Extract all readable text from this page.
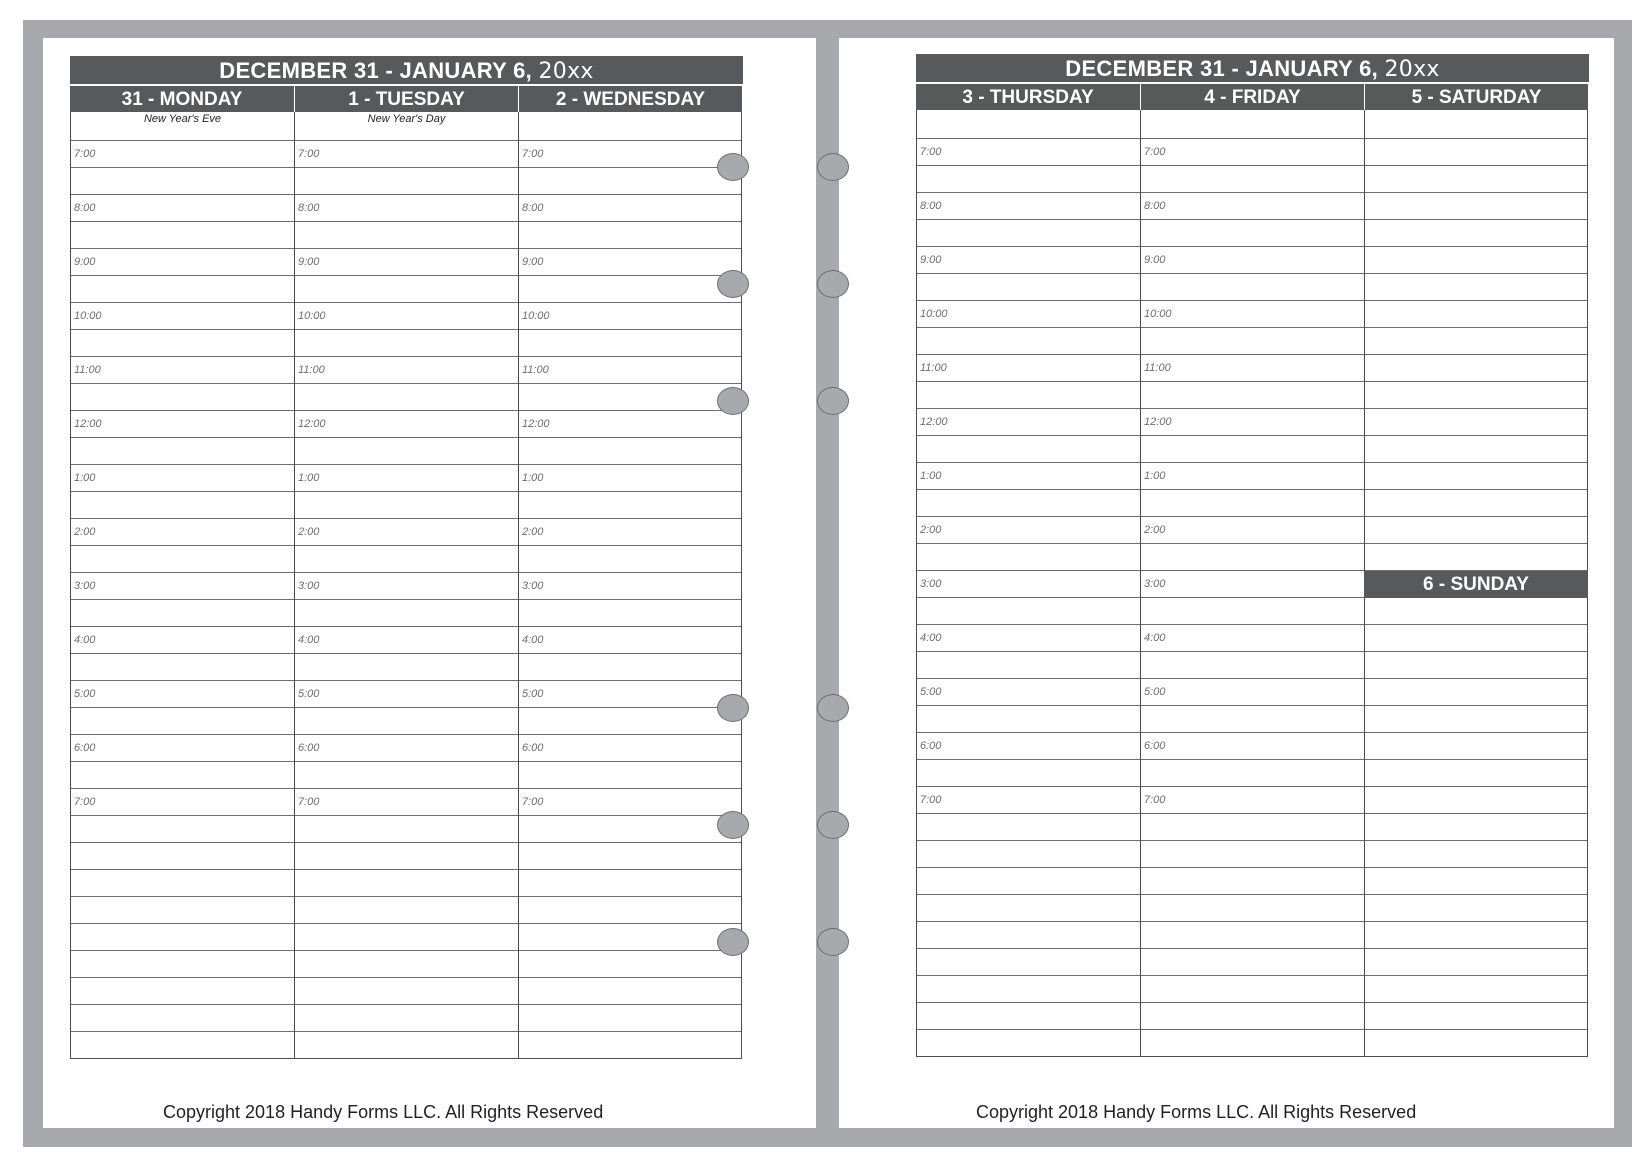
DECEMBER 31 - JANUARY 6, 20xx
31 - MONDAY
New Year's Eve
7:00
8:00
9:00
10:00
11:00
12:00
1:00
2:00
3:00
4:00
5:00
6:00
7:00
1 - TUESDAY
New Year's Day
7:00
8:00
9:00
10:00
11:00
12:00
1:00
2:00
3:00
4:00
5:00
6:00
7:00
2 - WEDNESDAY
7:00
8:00
9:00
10:00
11:00
12:00
1:00
2:00
3:00
4:00
5:00
6:00
7:00
Copyright 2018 Handy Forms LLC. All Rights Reserved
DECEMBER 31 - JANUARY 6, 20xx
3 - THURSDAY
7:00
8:00
9:00
10:00
11:00
12:00
1:00
2:00
3:00
4:00
5:00
6:00
7:00
4 - FRIDAY
7:00
8:00
9:00
10:00
11:00
12:00
1:00
2:00
3:00
4:00
5:00
6:00
7:00
5 - SATURDAY
6 - SUNDAY
Copyright 2018 Handy Forms LLC. All Rights Reserved
